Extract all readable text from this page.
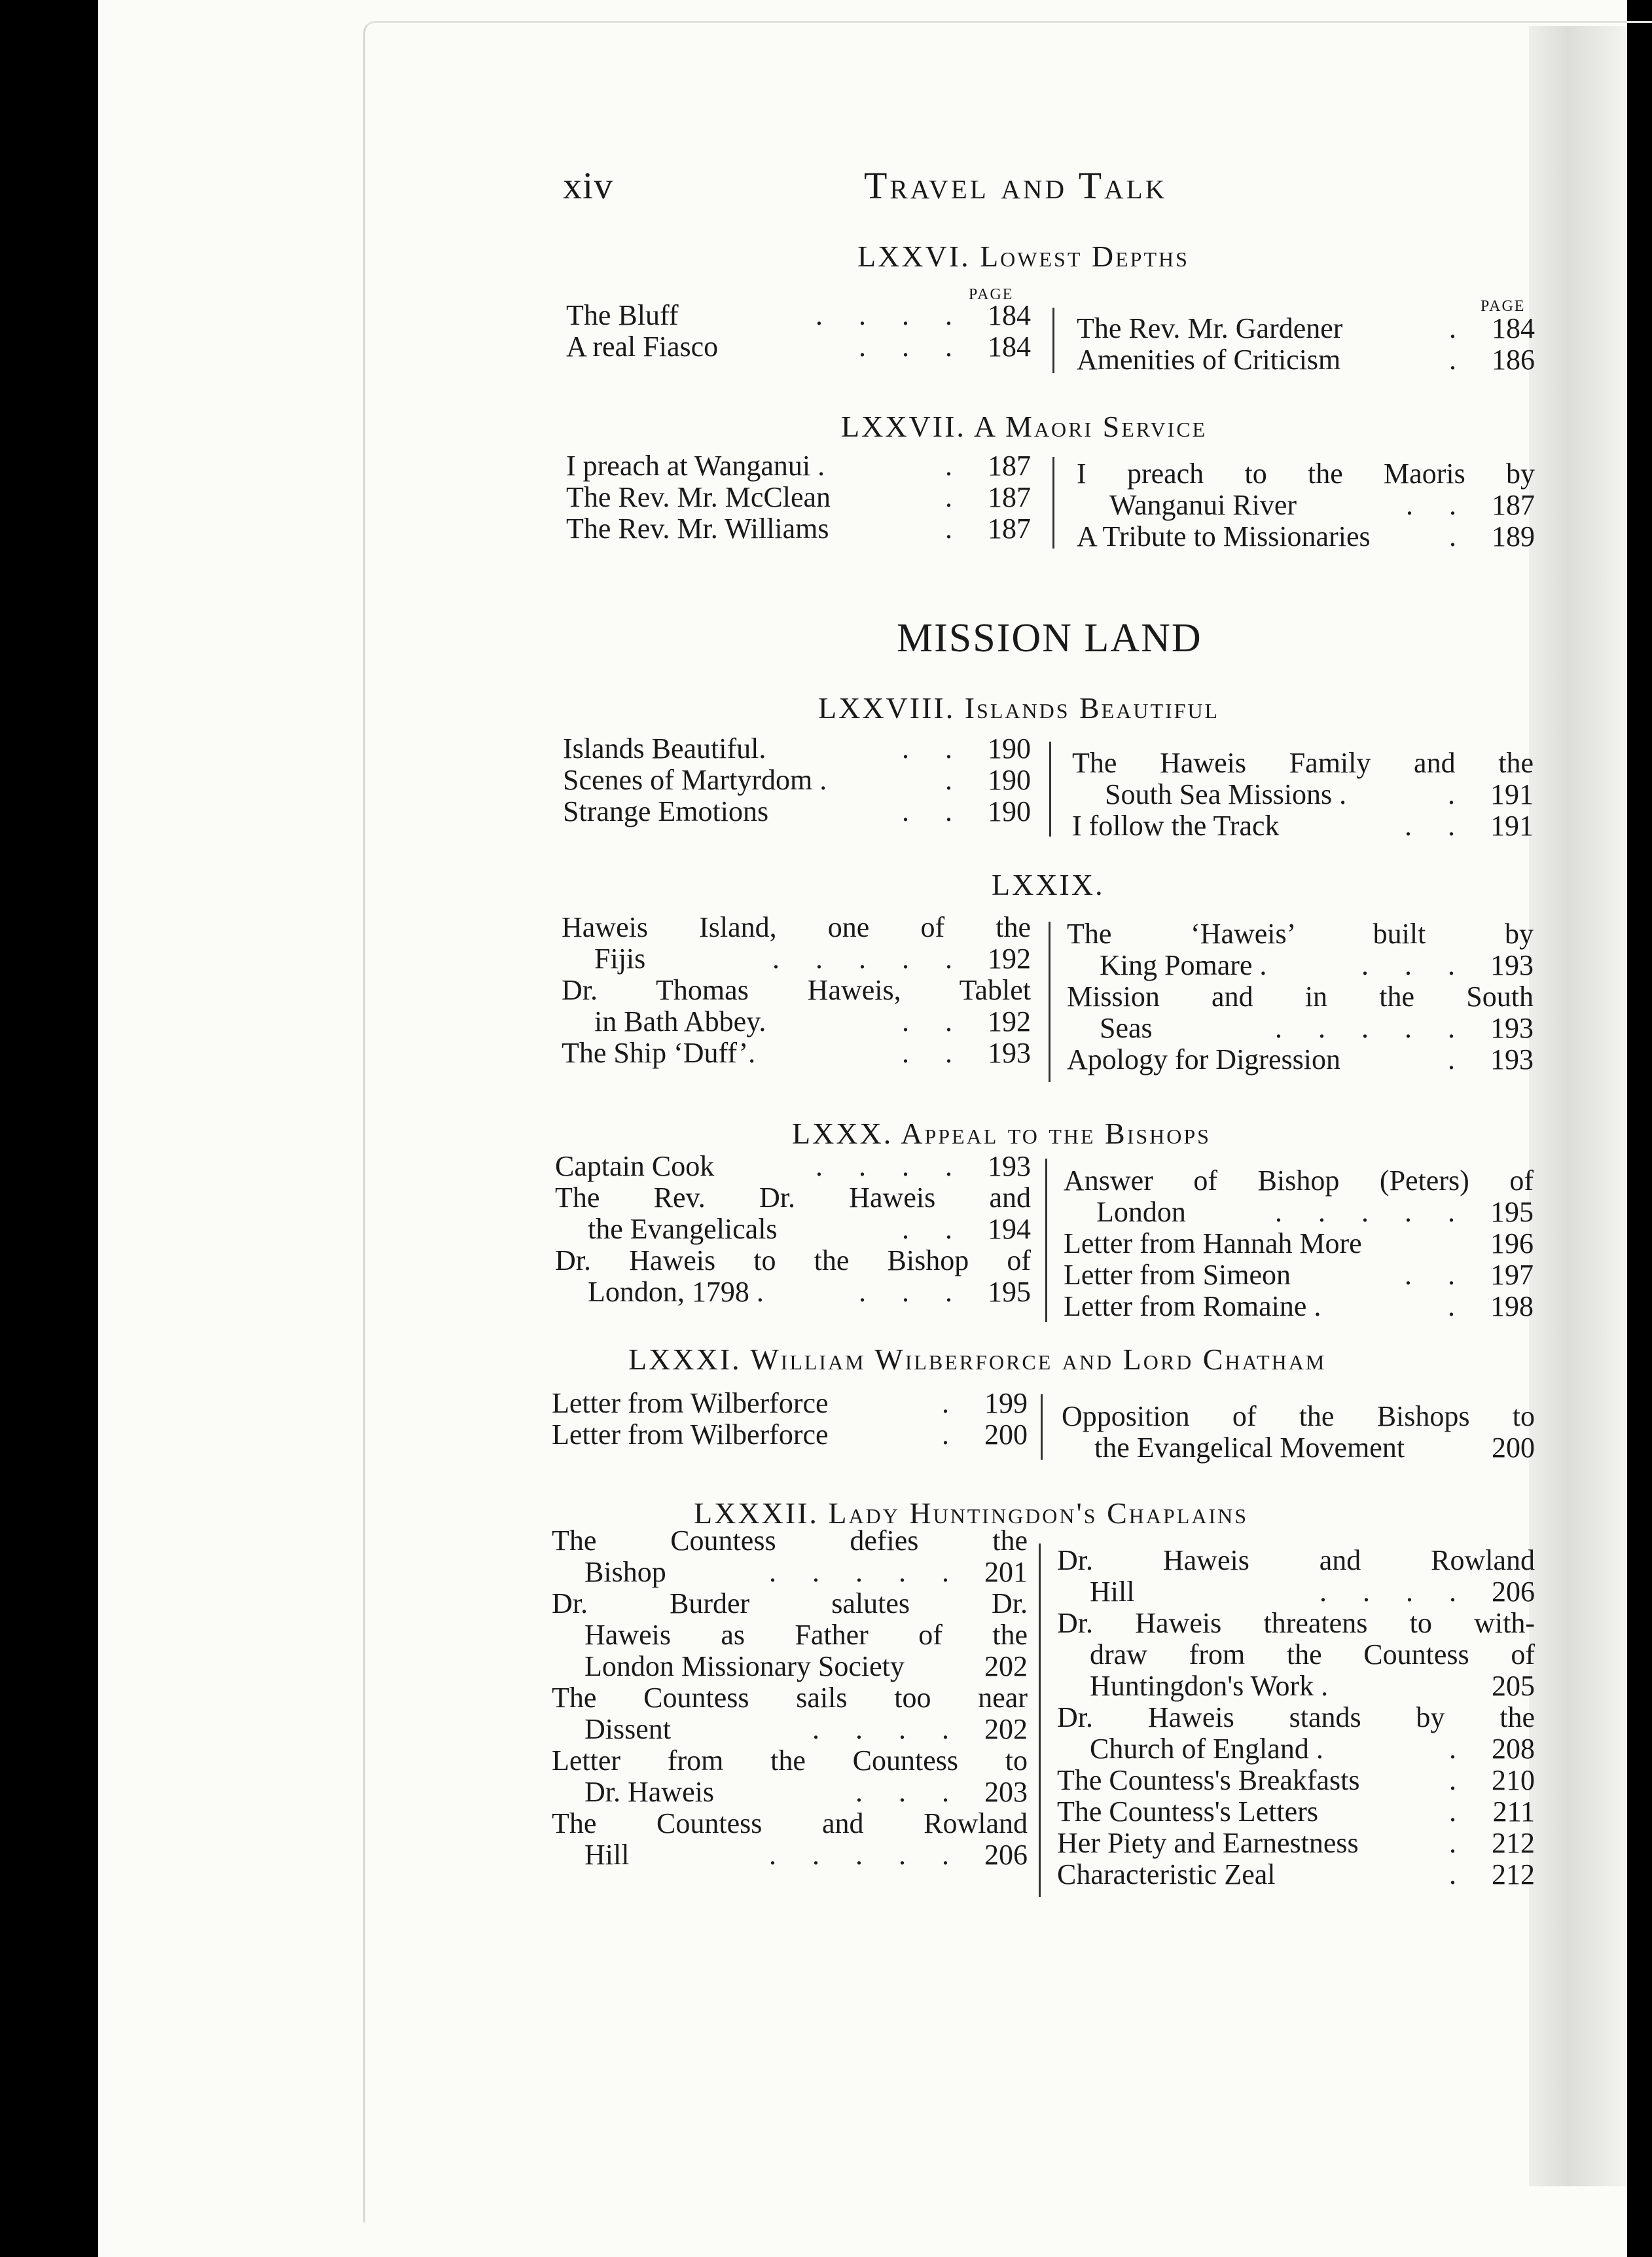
xiv	Travel and Talk
LXXVI. Lowest Depths
PAGE
PAGE
The Bluff	. . . . 184
A real Fiasco	. . . 184
The Rev. Mr. Gardener	. 184
Amenities of Criticism	. 186
LXXVII. A Maori Service
I preach at Wanganui .	. 187
The Rev. Mr. McClean	. 187
The Rev. Mr. Williams	. 187
I preach to the Maoris by
Wanganui River	. . 187
A Tribute to Missionaries	. 189
MISSION LAND
LXXVIII. Islands Beautiful
Islands Beautiful.	. . 190
Scenes of Martyrdom .	. 190
Strange Emotions	. . 190
The Haweis Family and the
South Sea Missions .	. 191
I follow the Track	. . 191
LXXIX.
Haweis Island, one of the
Fijis	. . . . . 192
Dr. Thomas Haweis, Tablet
in Bath Abbey.	. . 192
The Ship ‘Duff’.	. . 193
The ‘Haweis’ built by
King Pomare .	. . . 193
Mission and in the South
Seas	. . . . . 193
Apology for Digression	. 193
LXXX. Appeal to the Bishops
Captain Cook	. . . . 193
The Rev. Dr. Haweis and
the Evangelicals	. . 194
Dr. Haweis to the Bishop of
London, 1798 .	. . . 195
Answer of Bishop (Peters) of
London	. . . . . 195
Letter from Hannah More	196
Letter from Simeon	. . 197
Letter from Romaine .	. 198
LXXXI. William Wilberforce and Lord Chatham
Letter from Wilberforce	. 199
Letter from Wilberforce	. 200
Opposition of the Bishops to
the Evangelical Movement	200
LXXXII. Lady Huntingdon's Chaplains
The Countess defies the
Bishop	. . . . . 201
Dr. Burder salutes Dr.
Haweis as Father of the
London Missionary Society	202
The Countess sails too near
Dissent	. . . . 202
Letter from the Countess to
Dr. Haweis	. . . 203
The Countess and Rowland
Hill	. . . . . 206
Dr. Haweis and Rowland
Hill	. . . . 206
Dr. Haweis threatens to with-
draw from the Countess of
Huntingdon's Work .	205
Dr. Haweis stands by the
Church of England .	. 208
The Countess's Breakfasts	. 210
The Countess's Letters	. 211
Her Piety and Earnestness	. 212
Characteristic Zeal	. 212
